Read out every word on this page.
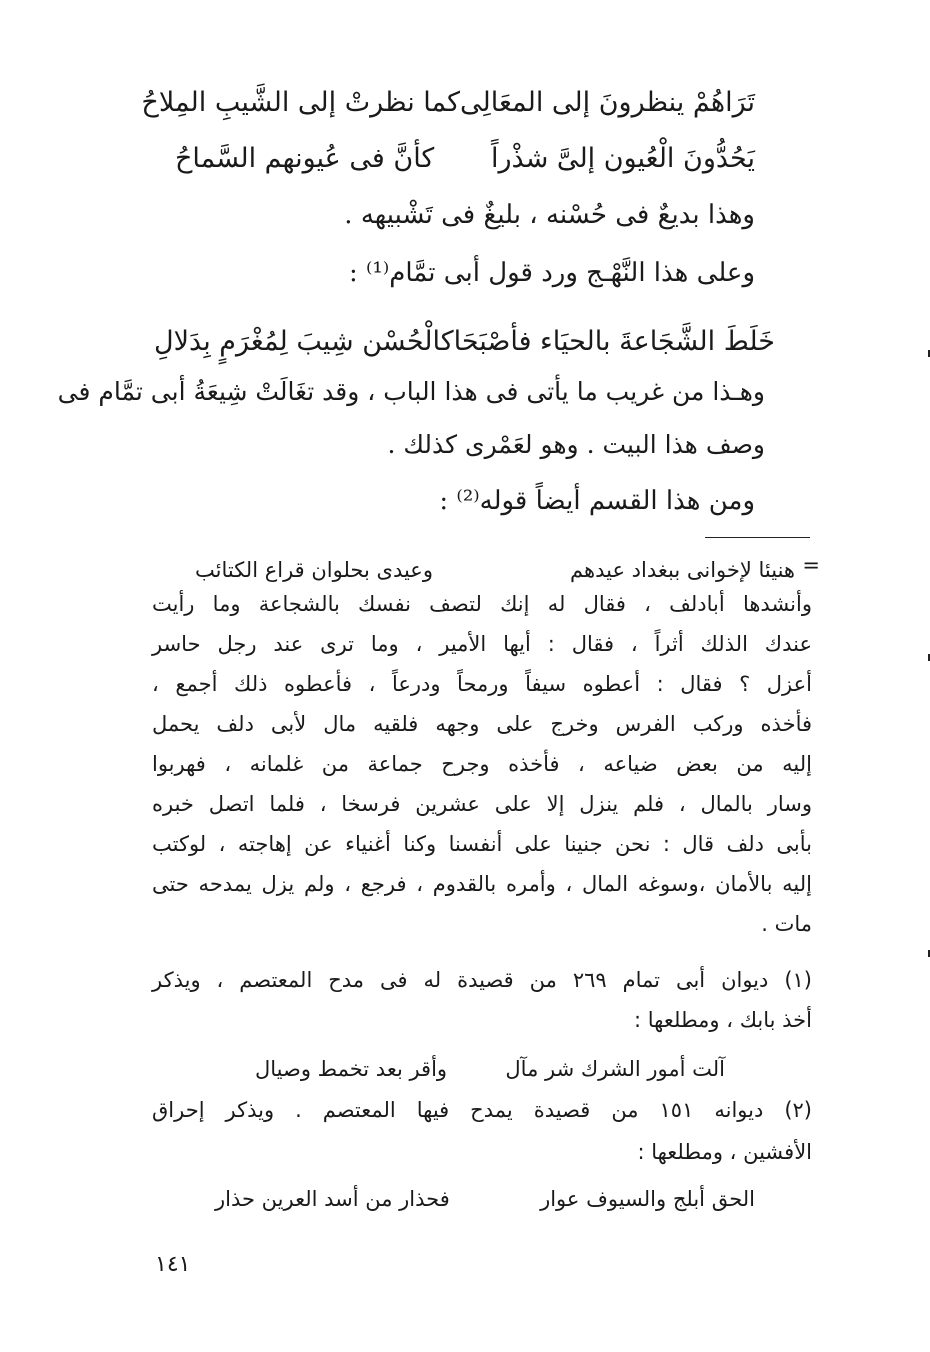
تَرَاهُمْ ينظرونَ إلى المعَالِى
كما نظرتْ إلى الشَّيبِ المِلاحُ
يَحُدُّونَ الْعُيون إلىَّ شذْراً
كأنَّ فى عُيونهم السَّماحُ
وهذا بديعٌ فى حُسْنه ، بليغٌ فى تَشْبيهه .
وعلى هذا النَّهْـج ورد قول أبى تمَّام⁽¹⁾ :
خَلَطَ الشَّجَاعةَ بالحيَاء فأصْبَحَا
كالْحُسْن شِيبَ لِمُغْرَمٍ بِدَلالِ
وهـذا من غريب ما يأتى فى هذا الباب ، وقد تغَالَتْ شِيعَةُ أبى تمَّام فى
وصف هذا البيت . وهو لعَمْرى كذلك .
ومن هذا القسم أيضاً قوله⁽²⁾ :
=
هنيئا لإخوانى ببغداد عيدهم
وعيدى بحلوان قراع الكتائب
وأنشدها أبادلف ، فقال له إنك لتصف نفسك بالشجاعة وما رأيت
عندك الذلك أثراً ، فقال : أيها الأمير ، وما ترى عند رجل حاسر
أعزل ؟ فقال : أعطوه سيفاً ورمحاً ودرعاً ، فأعطوه ذلك أجمع ،
فأخذه وركب الفرس وخرج على وجهه فلقيه مال لأبى دلف يحمل
إليه من بعض ضياعه ، فأخذه وجرح جماعة من غلمانه ، فهربوا
وسار بالمال ، فلم ينزل إلا على عشرين فرسخا ، فلما اتصل خبره
بأبى دلف قال : نحن جنينا على أنفسنا وكنا أغنياء عن إهاجته ، لوكتب
إليه بالأمان ،وسوغه المال ، وأمره بالقدوم ، فرجع ، ولم يزل يمدحه حتى
مات .
(١) ديوان أبى تمام ٢٦٩ من قصيدة له فى مدح المعتصم ، ويذكر
أخذ بابك ، ومطلعها :
آلت أمور الشرك شر مآل
وأقر بعد تخمط وصيال
(٢) ديوانه ١٥١ من قصيدة يمدح فيها المعتصم . ويذكر إحراق
الأفشين ، ومطلعها :
الحق أبلج والسيوف عوار
فحذار من أسد العرين حذار
١٤١
